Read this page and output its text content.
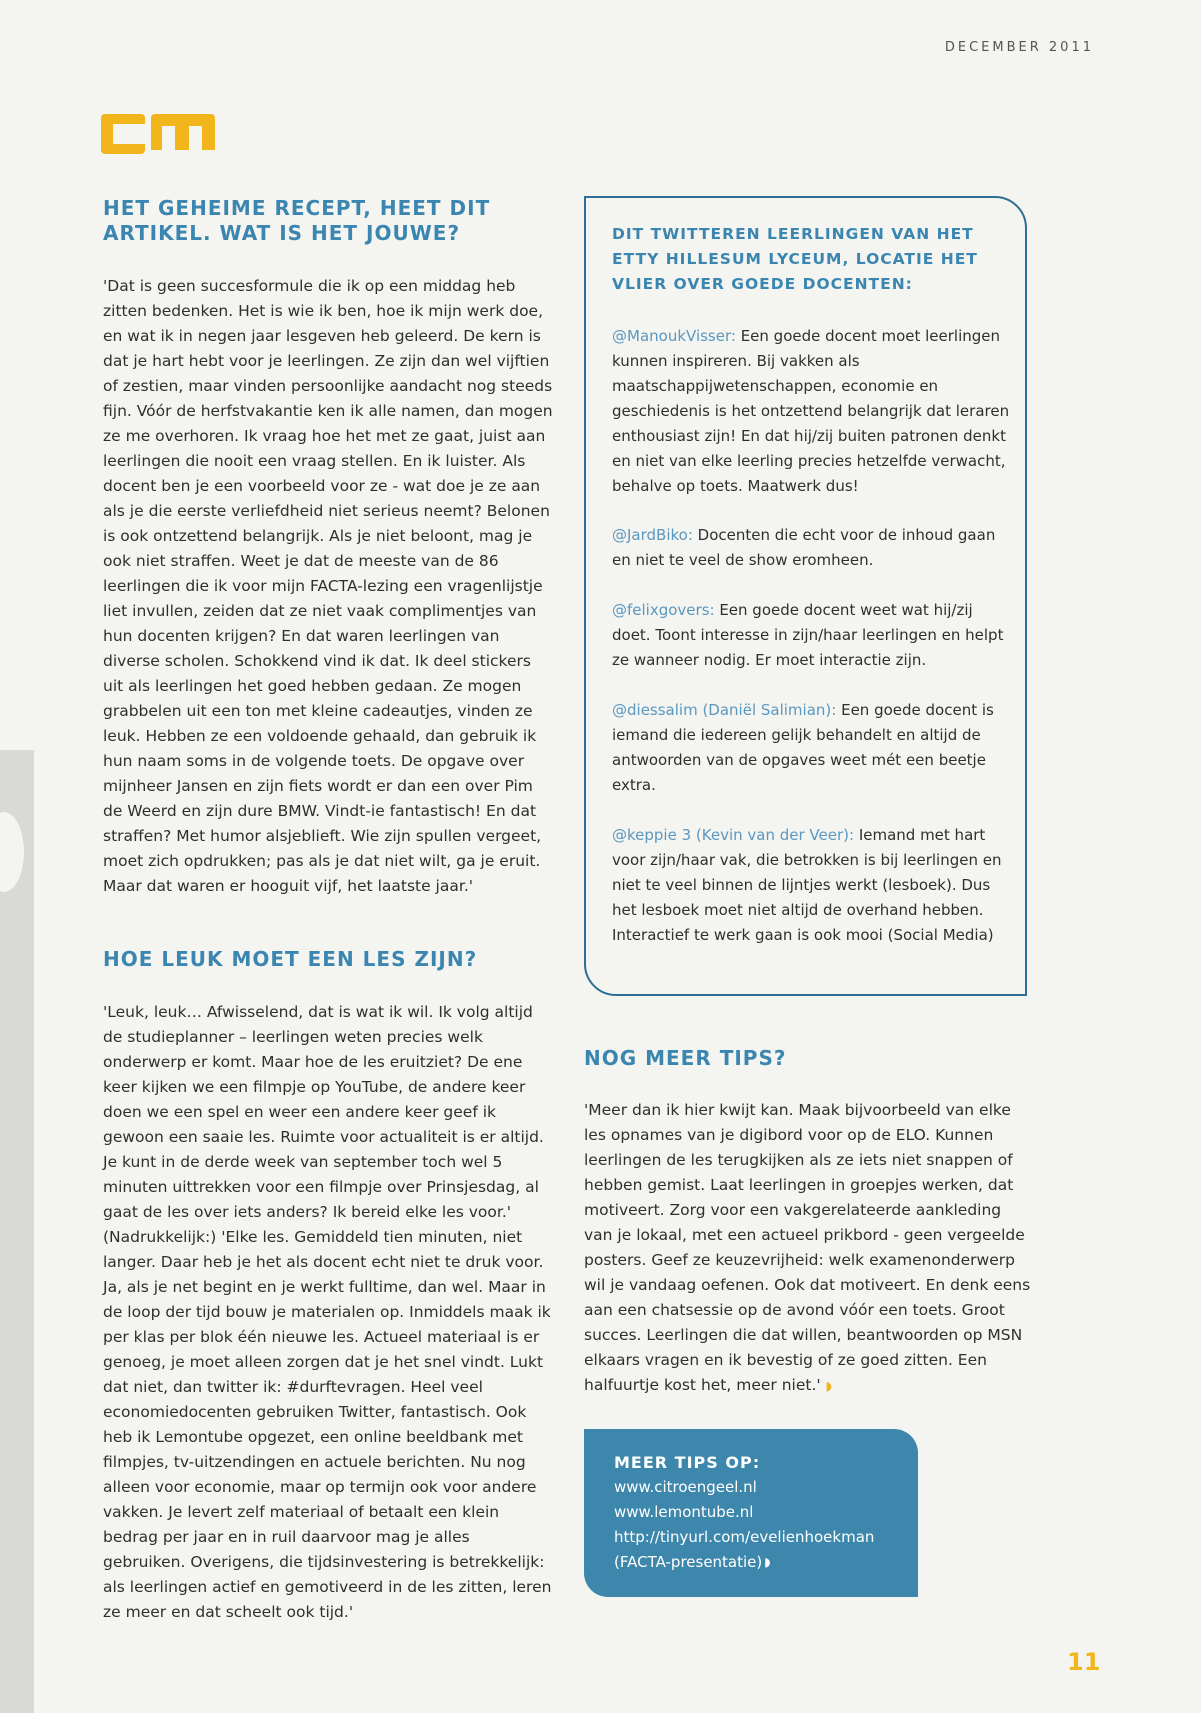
DECEMBER 2011
HET GEHEIME RECEPT, HEET DIT ARTIKEL. WAT IS HET JOUWE?

'Dat is geen succesformule die ik op een middag heb zitten bedenken. Het is wie ik ben, hoe ik mijn werk doe, en wat ik in negen jaar lesgeven heb geleerd. De kern is dat je hart hebt voor je leerlingen. Ze zijn dan wel vijftien of zestien, maar vinden persoonlijke aandacht nog steeds fijn. Vóór de herfstvakantie ken ik alle namen, dan mogen ze me overhoren. Ik vraag hoe het met ze gaat, juist aan leerlingen die nooit een vraag stellen. En ik luister. Als docent ben je een voorbeeld voor ze - wat doe je ze aan als je die eerste verliefdheid niet serieus neemt? Belonen is ook ontzettend belangrijk. Als je niet beloont, mag je ook niet straffen. Weet je dat de meeste van de 86 leerlingen die ik voor mijn FACTA-lezing een vragenlijstje liet invullen, zeiden dat ze niet vaak complimentjes van hun docenten krijgen? En dat waren leerlingen van diverse scholen. Schokkend vind ik dat. Ik deel stickers uit als leerlingen het goed hebben gedaan. Ze mogen grabbelen uit een ton met kleine cadeautjes, vinden ze leuk. Hebben ze een voldoende gehaald, dan gebruik ik hun naam soms in de volgende toets. De opgave over mijnheer Jansen en zijn fiets wordt er dan een over Pim de Weerd en zijn dure BMW. Vindt-ie fantastisch! En dat straffen? Met humor alsjeblieft. Wie zijn spullen vergeet, moet zich opdrukken; pas als je dat niet wilt, ga je eruit. Maar dat waren er hooguit vijf, het laatste jaar.'

HOE LEUK MOET EEN LES ZIJN?

'Leuk, leuk… Afwisselend, dat is wat ik wil. Ik volg altijd de studieplanner – leerlingen weten precies welk onderwerp er komt. Maar hoe de les eruitziet? De ene keer kijken we een filmpje op YouTube, de andere keer doen we een spel en weer een andere keer geef ik gewoon een saaie les. Ruimte voor actualiteit is er altijd. Je kunt in de derde week van september toch wel 5 minuten uittrekken voor een filmpje over Prinsjesdag, al gaat de les over iets anders? Ik bereid elke les voor.' (Nadrukkelijk:) 'Elke les. Gemiddeld tien minuten, niet langer. Daar heb je het als docent echt niet te druk voor. Ja, als je net begint en je werkt fulltime, dan wel. Maar in de loop der tijd bouw je materialen op. Inmiddels maak ik per klas per blok één nieuwe les. Actueel materiaal is er genoeg, je moet alleen zorgen dat je het snel vindt. Lukt dat niet, dan twitter ik: #durftevragen. Heel veel economiedocenten gebruiken Twitter, fantastisch. Ook heb ik Lemontube opgezet, een online beeldbank met filmpjes, tv-uitzendingen en actuele berichten. Nu nog alleen voor economie, maar op termijn ook voor andere vakken. Je levert zelf materiaal of betaalt een klein bedrag per jaar en in ruil daarvoor mag je alles gebruiken. Overigens, die tijdsinvestering is betrekkelijk: als leerlingen actief en gemotiveerd in de les zitten, leren ze meer en dat scheelt ook tijd.'

DIT TWITTEREN LEERLINGEN VAN HET ETTY HILLESUM LYCEUM, LOCATIE HET VLIER OVER GOEDE DOCENTEN:
@ManoukVisser: Een goede docent moet leerlingen kunnen inspireren. Bij vakken als maatschappijwetenschappen, economie en geschiedenis is het ontzettend belangrijk dat leraren enthousiast zijn! En dat hij/zij buiten patronen denkt en niet van elke leerling precies hetzelfde verwacht, behalve op toets. Maatwerk dus!
@JardBiko: Docenten die echt voor de inhoud gaan en niet te veel de show eromheen.
@felixgovers: Een goede docent weet wat hij/zij doet. Toont interesse in zijn/haar leerlingen en helpt ze wanneer nodig. Er moet interactie zijn.
@diessalim (Daniël Salimian): Een goede docent is iemand die iedereen gelijk behandelt en altijd de antwoorden van de opgaves weet mét een beetje extra.
@keppie 3 (Kevin van der Veer): Iemand met hart voor zijn/haar vak, die betrokken is bij leerlingen en niet te veel binnen de lijntjes werkt (lesboek). Dus het lesboek moet niet altijd de overhand hebben. Interactief te werk gaan is ook mooi (Social Media)
NOG MEER TIPS?

'Meer dan ik hier kwijt kan. Maak bijvoorbeeld van elke les opnames van je digibord voor op de ELO. Kunnen leerlingen de les terugkijken als ze iets niet snappen of hebben gemist. Laat leerlingen in groepjes werken, dat motiveert. Zorg voor een vakgerelateerde aankleding van je lokaal, met een actueel prikbord - geen vergeelde posters. Geef ze keuzevrijheid: welk examenonderwerp wil je vandaag oefenen. Ook dat motiveert. En denk eens aan een chatsessie op de avond vóór een toets. Groot succes. Leerlingen die dat willen, beantwoorden op MSN elkaars vragen en ik bevestig of ze goed zitten. Een halfuurtje kost het, meer niet.' ◗

MEER TIPS OP:
www.citroengeel.nl
www.lemontube.nl
http://tinyurl.com/evelienhoekman
(FACTA-presentatie) ◗
11
